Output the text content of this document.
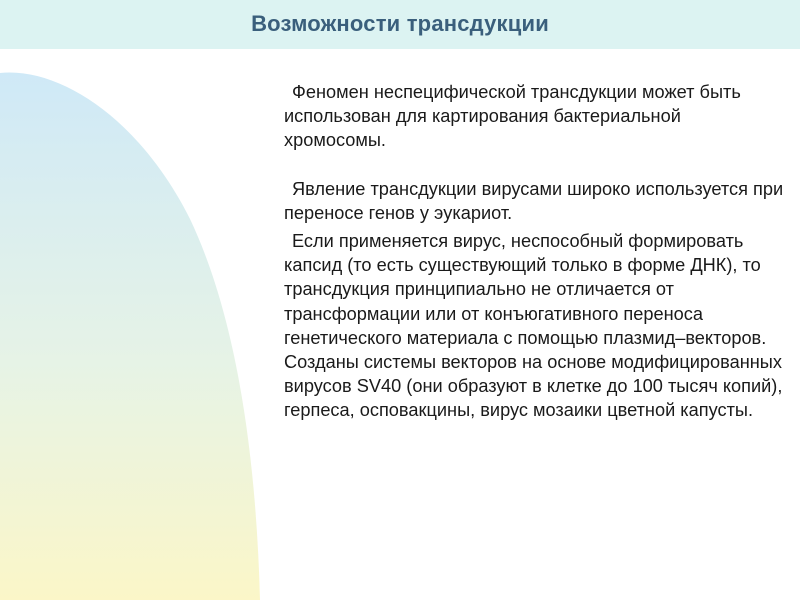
Возможности трансдукции

Феномен неспецифической трансдукции может быть использован для картирования бактериальной хромосомы.

Явление трансдукции вирусами широко используется при переносе генов у эукариот.

Если применяется вирус, неспособный формировать капсид (то есть существующий только в форме ДНК), то трансдукция принципиально не отличается от трансформации или от конъюгативного переноса генетического материала с помощью плазмид–векторов. Созданы системы векторов на основе модифицированных вирусов SV40 (они образуют в клетке до 100 тысяч копий), герпеса, осповакцины, вирус мозаики цветной капусты.
